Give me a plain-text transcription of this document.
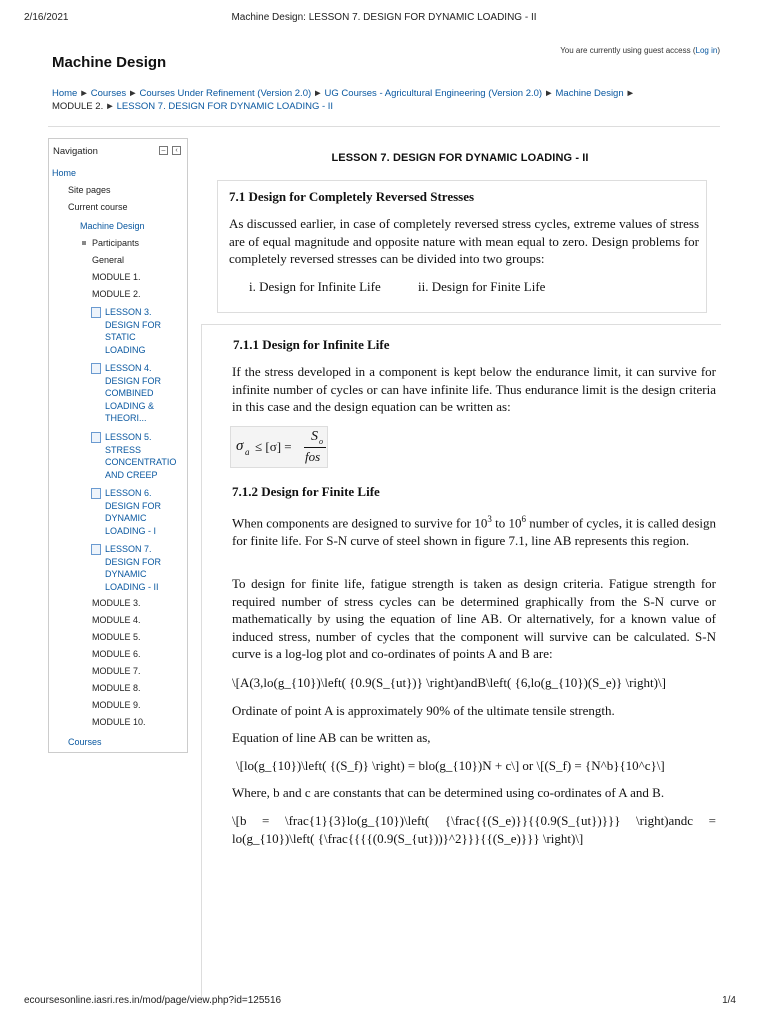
2/16/2021	Machine Design: LESSON 7. DESIGN FOR DYNAMIC LOADING - II
Machine Design
You are currently using guest access (Log in)
Home ► Courses ► Courses Under Refinement (Version 2.0) ► UG Courses - Agricultural Engineering (Version 2.0) ► Machine Design ►
MODULE 2. ► LESSON 7. DESIGN FOR DYNAMIC LOADING - II
Navigation	–	‹
Home
Site pages
Current course
Machine Design
Participants
General
MODULE 1.
MODULE 2.
LESSON 3.
DESIGN FOR
STATIC
LOADING
LESSON 4.
DESIGN FOR
COMBINED
LOADING &
THEORI...
LESSON 5.
STRESS
CONCENTRATIO
AND CREEP
LESSON 6.
DESIGN FOR
DYNAMIC
LOADING - I
LESSON 7.
DESIGN FOR
DYNAMIC
LOADING - II
MODULE 3.
MODULE 4.
MODULE 5.
MODULE 6.
MODULE 7.
MODULE 8.
MODULE 9.
MODULE 10.
Courses
LESSON 7. DESIGN FOR DYNAMIC LOADING - II
7.1 Design for Completely Reversed Stresses
As discussed earlier, in case of completely reversed stress cycles, extreme values of stress are of equal magnitude and opposite nature with mean equal to zero. Design problems for completely reversed stresses can be divided into two groups:
i. Design for Infinite Life	ii. Design for Finite Life
7.1.1 Design for Infinite Life
If the stress developed in a component is kept below the endurance limit, it can survive for infinite number of cycles or can have infinite life. Thus endurance limit is the design criteria in this case and the design equation can be written as:
σ a ≤ [σ] =
S o
fos
7.1.2 Design for Finite Life
When components are designed to survive for $10^3$ to $10^6$ number of cycles, it is called design for finite life. For S-N curve of steel shown in figure 7.1, line AB represents this region.
To design for finite life, fatigue strength is taken as design criteria. Fatigue strength for required number of stress cycles can be determined graphically from the S-N curve or mathematically by using the equation of line AB. Or alternatively, for a known value of induced stress, number of cycles that the component will survive can be calculated. S-N curve is a log-log plot and co-ordinates of points A and B are:
\[A(3,lo(g_{10})\left( {0.9(S_{ut})} \right)andB\left( {6,lo(g_{10})(S_e)} \right)\]
Ordinate of point A is approximately 90% of the ultimate tensile strength.
Equation of line AB can be written as,
\[lo(g_{10})\left( {(S_f)} \right) = blo(g_{10})N + c\] or \[(S_f) = {N^b}{10^c}\]
Where, b and c are constants that can be determined using co-ordinates of A and B.
\[b = \frac{1}{3}lo(g_{10})\left( {\frac{{(S_e)}}{{0.9(S_{ut})}}} \right)andc = lo(g_{10})\left( {\frac{{{{(0.9(S_{ut}))}^2}}}{{(S_e)}}} \right)\]
ecoursesonline.iasri.res.in/mod/page/view.php?id=125516	1/4
